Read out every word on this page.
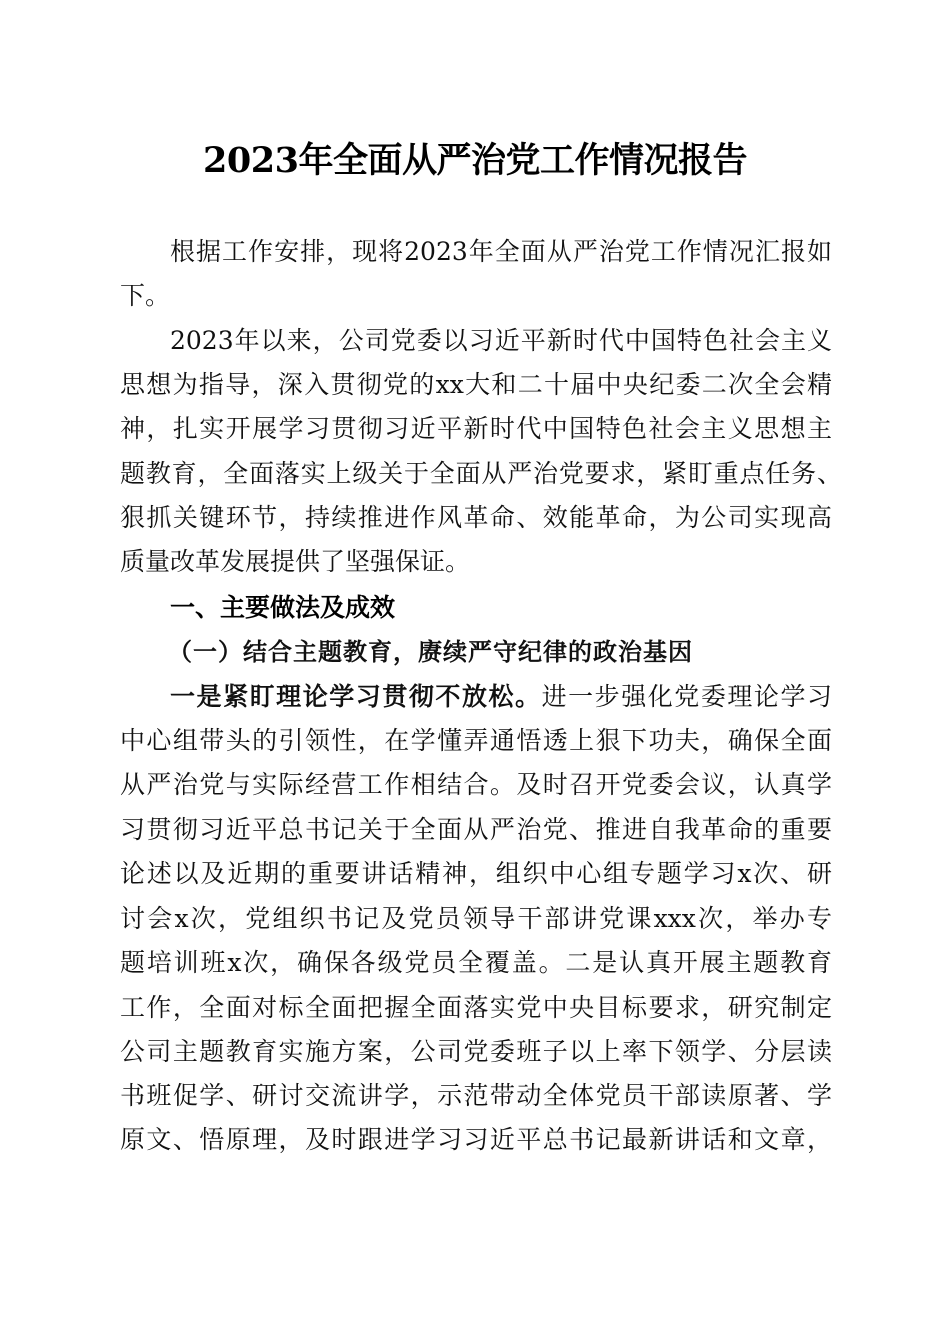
2023年全面从严治党工作情况报告
根据工作安排，现将2023年全面从严治党工作情况汇报如
下。
2023年以来，公司党委以习近平新时代中国特色社会主义
思想为指导，深入贯彻党的xx大和二十届中央纪委二次全会精
神，扎实开展学习贯彻习近平新时代中国特色社会主义思想主
题教育，全面落实上级关于全面从严治党要求，紧盯重点任务、
狠抓关键环节，持续推进作风革命、效能革命，为公司实现高
质量改革发展提供了坚强保证。
一、主要做法及成效
（一）结合主题教育，赓续严守纪律的政治基因
一是紧盯理论学习贯彻不放松。进一步强化党委理论学习
中心组带头的引领性，在学懂弄通悟透上狠下功夫，确保全面
从严治党与实际经营工作相结合。及时召开党委会议，认真学
习贯彻习近平总书记关于全面从严治党、推进自我革命的重要
论述以及近期的重要讲话精神，组织中心组专题学习x次、研
讨会x次，党组织书记及党员领导干部讲党课xxx次，举办专
题培训班x次，确保各级党员全覆盖。二是认真开展主题教育
工作，全面对标全面把握全面落实党中央目标要求，研究制定
公司主题教育实施方案，公司党委班子以上率下领学、分层读
书班促学、研讨交流讲学，示范带动全体党员干部读原著、学
原文、悟原理，及时跟进学习习近平总书记最新讲话和文章，
